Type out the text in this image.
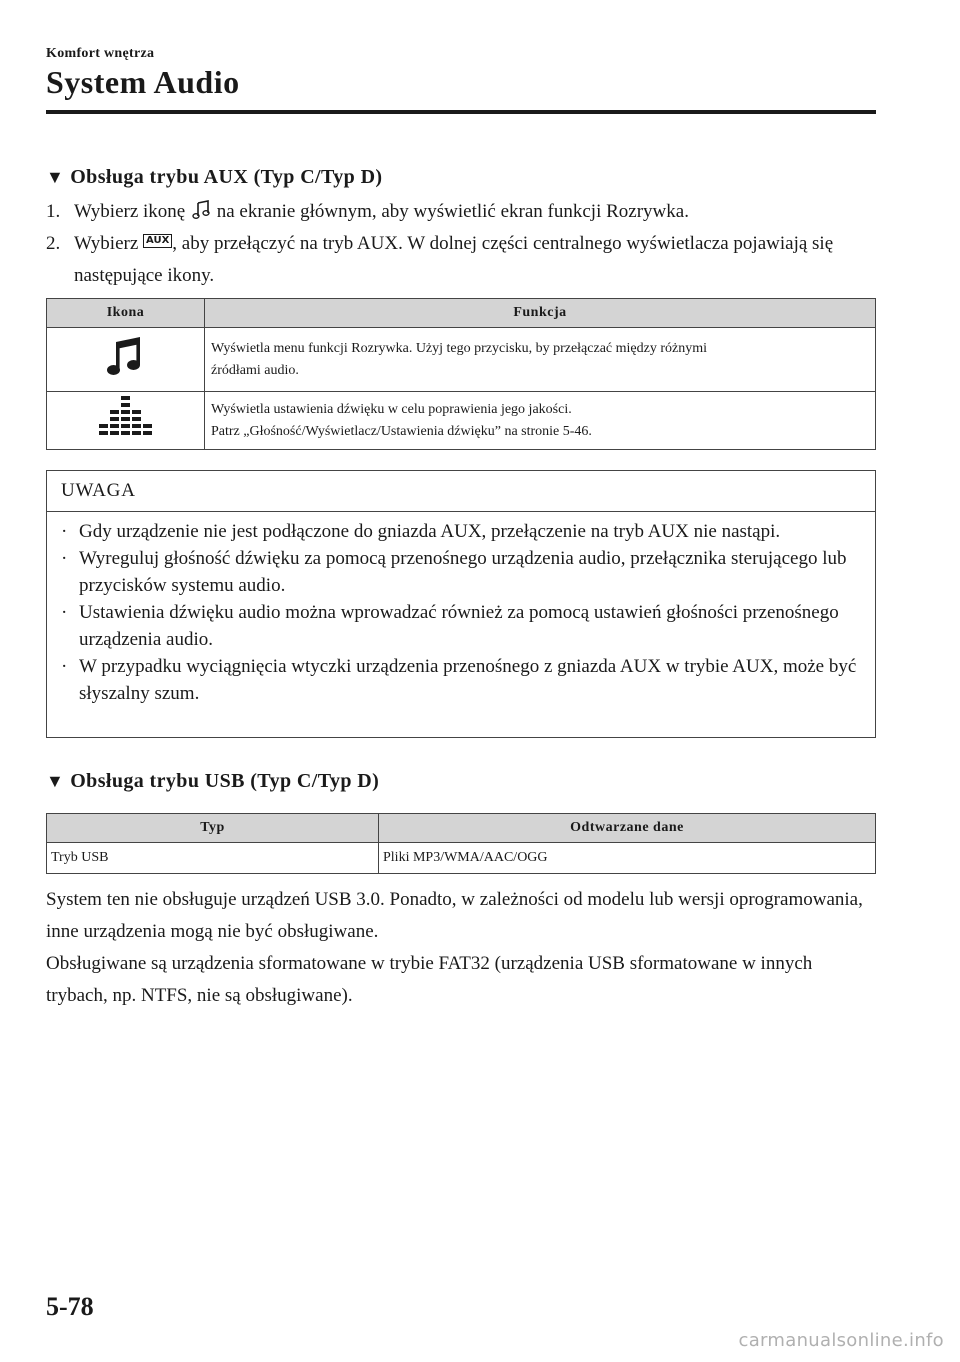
Komfort wnętrza
System Audio
▼ Obsługa trybu AUX (Typ C/Typ D)
1. Wybierz ikonę na ekranie głównym, aby wyświetlić ekran funkcji Rozrywka.
2. Wybierz AUX , aby przełączyć na tryb AUX. W dolnej części centralnego wyświetlacza pojawiają się następujące ikony.
Ikona	Funkcja

Wyświetla menu funkcji Rozrywka. Użyj tego przycisku, by przełączać między różnymi
źródłami audio.

Wyświetla ustawienia dźwięku w celu poprawienia jego jakości.
Patrz „Głośność/Wyświetlacz/Ustawienia dźwięku” na stronie 5-46.
UWAGA
· Gdy urządzenie nie jest podłączone do gniazda AUX, przełączenie na tryb AUX nie nastąpi.
· Wyreguluj głośność dźwięku za pomocą przenośnego urządzenia audio, przełącznika sterującego lub przycisków systemu audio.
· Ustawienia dźwięku audio można wprowadzać również za pomocą ustawień głośności przenośnego urządzenia audio.
· W przypadku wyciągnięcia wtyczki urządzenia przenośnego z gniazda AUX w trybie AUX, może być słyszalny szum.
▼ Obsługa trybu USB (Typ C/Typ D)
Typ	Odtwarzane dane
Tryb USB	Pliki MP3/WMA/AAC/OGG

System ten nie obsługuje urządzeń USB 3.0. Ponadto, w zależności od modelu lub wersji oprogramowania, inne urządzenia mogą nie być obsługiwane.

Obsługiwane są urządzenia sformatowane w trybie FAT32 (urządzenia USB sformatowane w innych trybach, np. NTFS, nie są obsługiwane).

5-78
carmanualsonline.info
